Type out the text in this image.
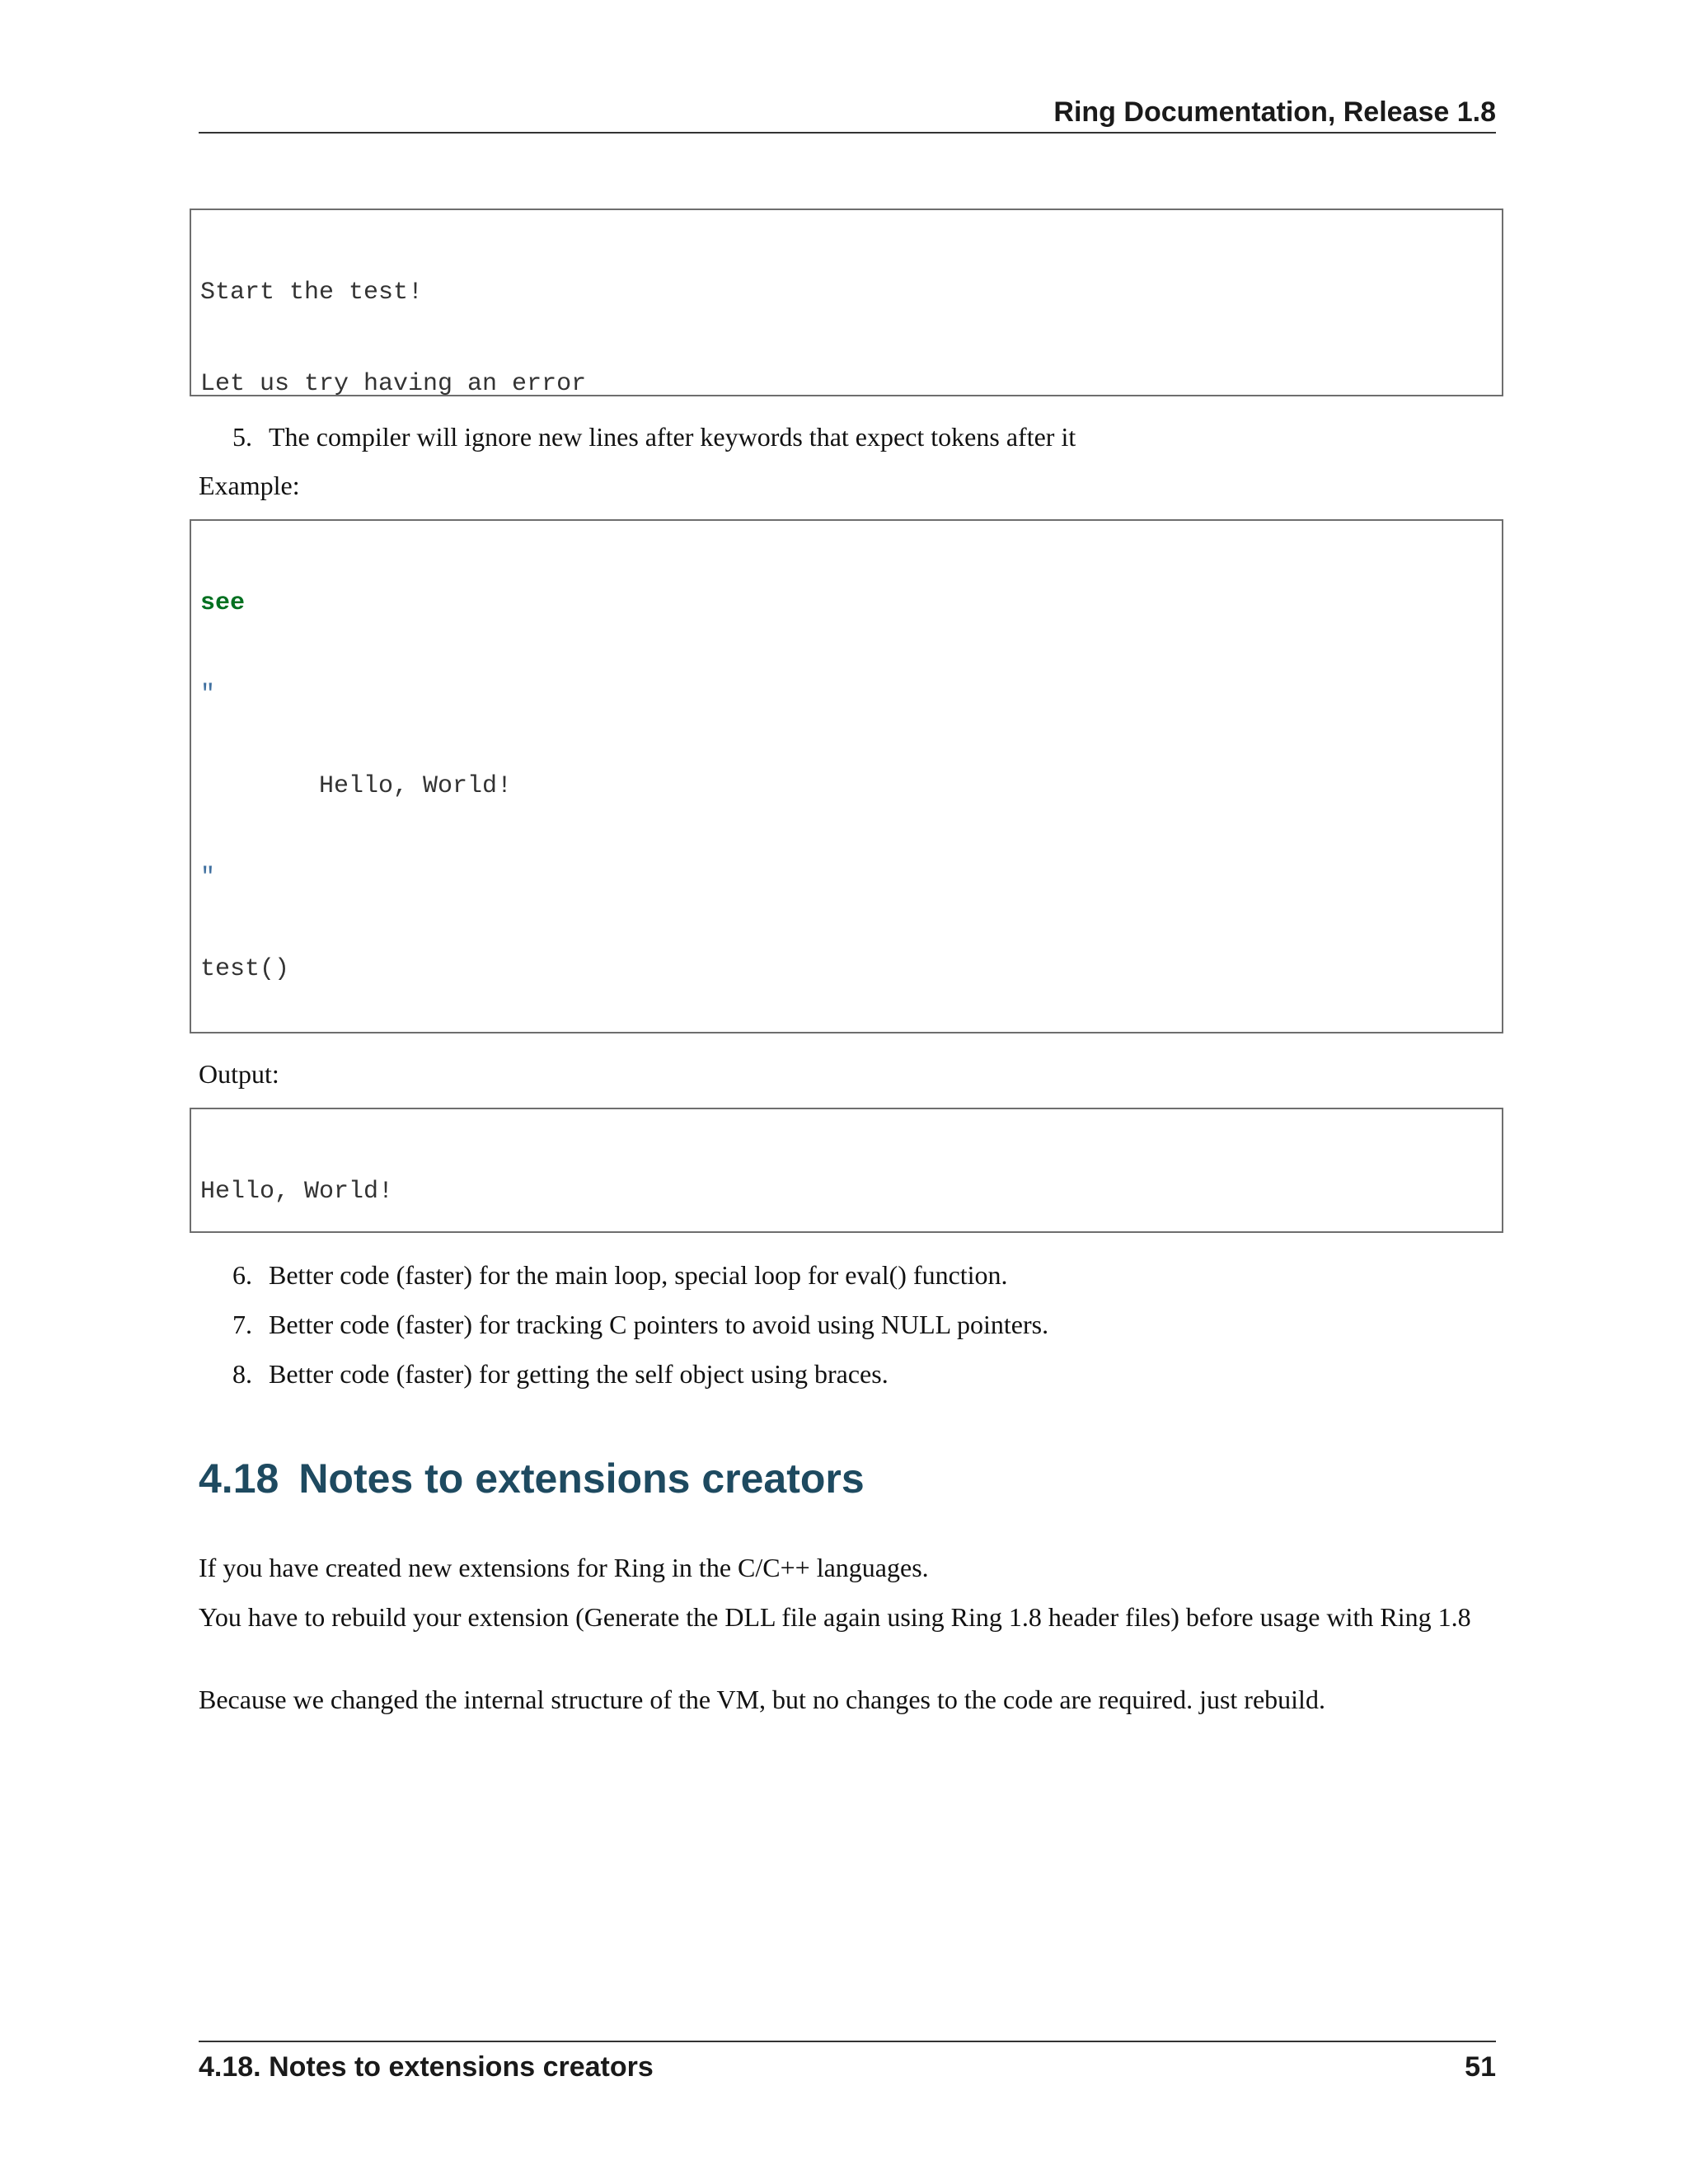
Ring Documentation, Release 1.8

Start the test!

Let us try having an error

5. The compiler will ignore new lines after keywords that expect tokens after it

Example:

see

"

Hello, World!

"

test()

Output:

Hello, World!

6. Better code (faster) for the main loop, special loop for eval() function.
7. Better code (faster) for tracking C pointers to avoid using NULL pointers.
8. Better code (faster) for getting the self object using braces.
4.18 Notes to extensions creators

If you have created new extensions for Ring in the C/C++ languages.

You have to rebuild your extension (Generate the DLL file again using Ring 1.8 header files) before usage with Ring 1.8

Because we changed the internal structure of the VM, but no changes to the code are required. just rebuild.

4.18. Notes to extensions creators	51
